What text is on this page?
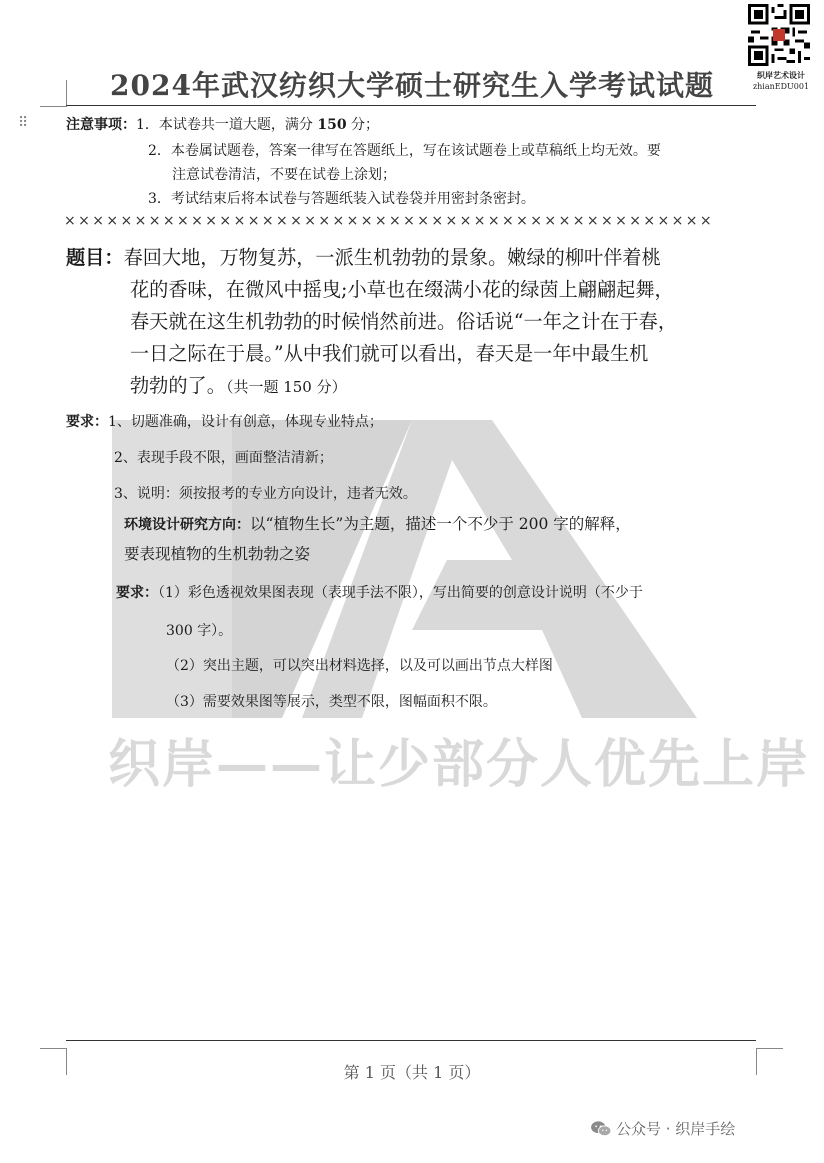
织岸——让少部分人优先上岸
⠿
2024年武汉纺织大学硕士研究生入学考试试题	织岸艺术设计
zhianEDU001
注意事项：1．本试卷共一道大题，满分 150 分；
2．本卷属试题卷，答案一律写在答题纸上，写在该试题卷上或草稿纸上均无效。要
注意试卷清洁，不要在试卷上涂划；
3．考试结束后将本试卷与答题纸装入试卷袋并用密封条密封。
××××××××××××××××××××××××××××××××××××××××××××××
题目：春回大地，万物复苏，一派生机勃勃的景象。嫩绿的柳叶伴着桃
花的香味，在微风中摇曳;小草也在缀满小花的绿茵上翩翩起舞，
春天就在这生机勃勃的时候悄然前进。俗话说“一年之计在于春，
一日之际在于晨。”从中我们就可以看出，春天是一年中最生机
勃勃的了。（共一题 150 分）
要求：1、切题准确，设计有创意，体现专业特点；
2、表现手段不限，画面整洁清新；
3、说明：须按报考的专业方向设计，违者无效。
环境设计研究方向：以“植物生长”为主题，描述一个不少于 200 字的解释，
要表现植物的生机勃勃之姿
要求：（1）彩色透视效果图表现（表现手法不限），写出简要的创意设计说明（不少于
300 字）。
（2）突出主题，可以突出材料选择，以及可以画出节点大样图
（3）需要效果图等展示，类型不限，图幅面积不限。
第 1 页（共 1 页）
公众号 · 织岸手绘
